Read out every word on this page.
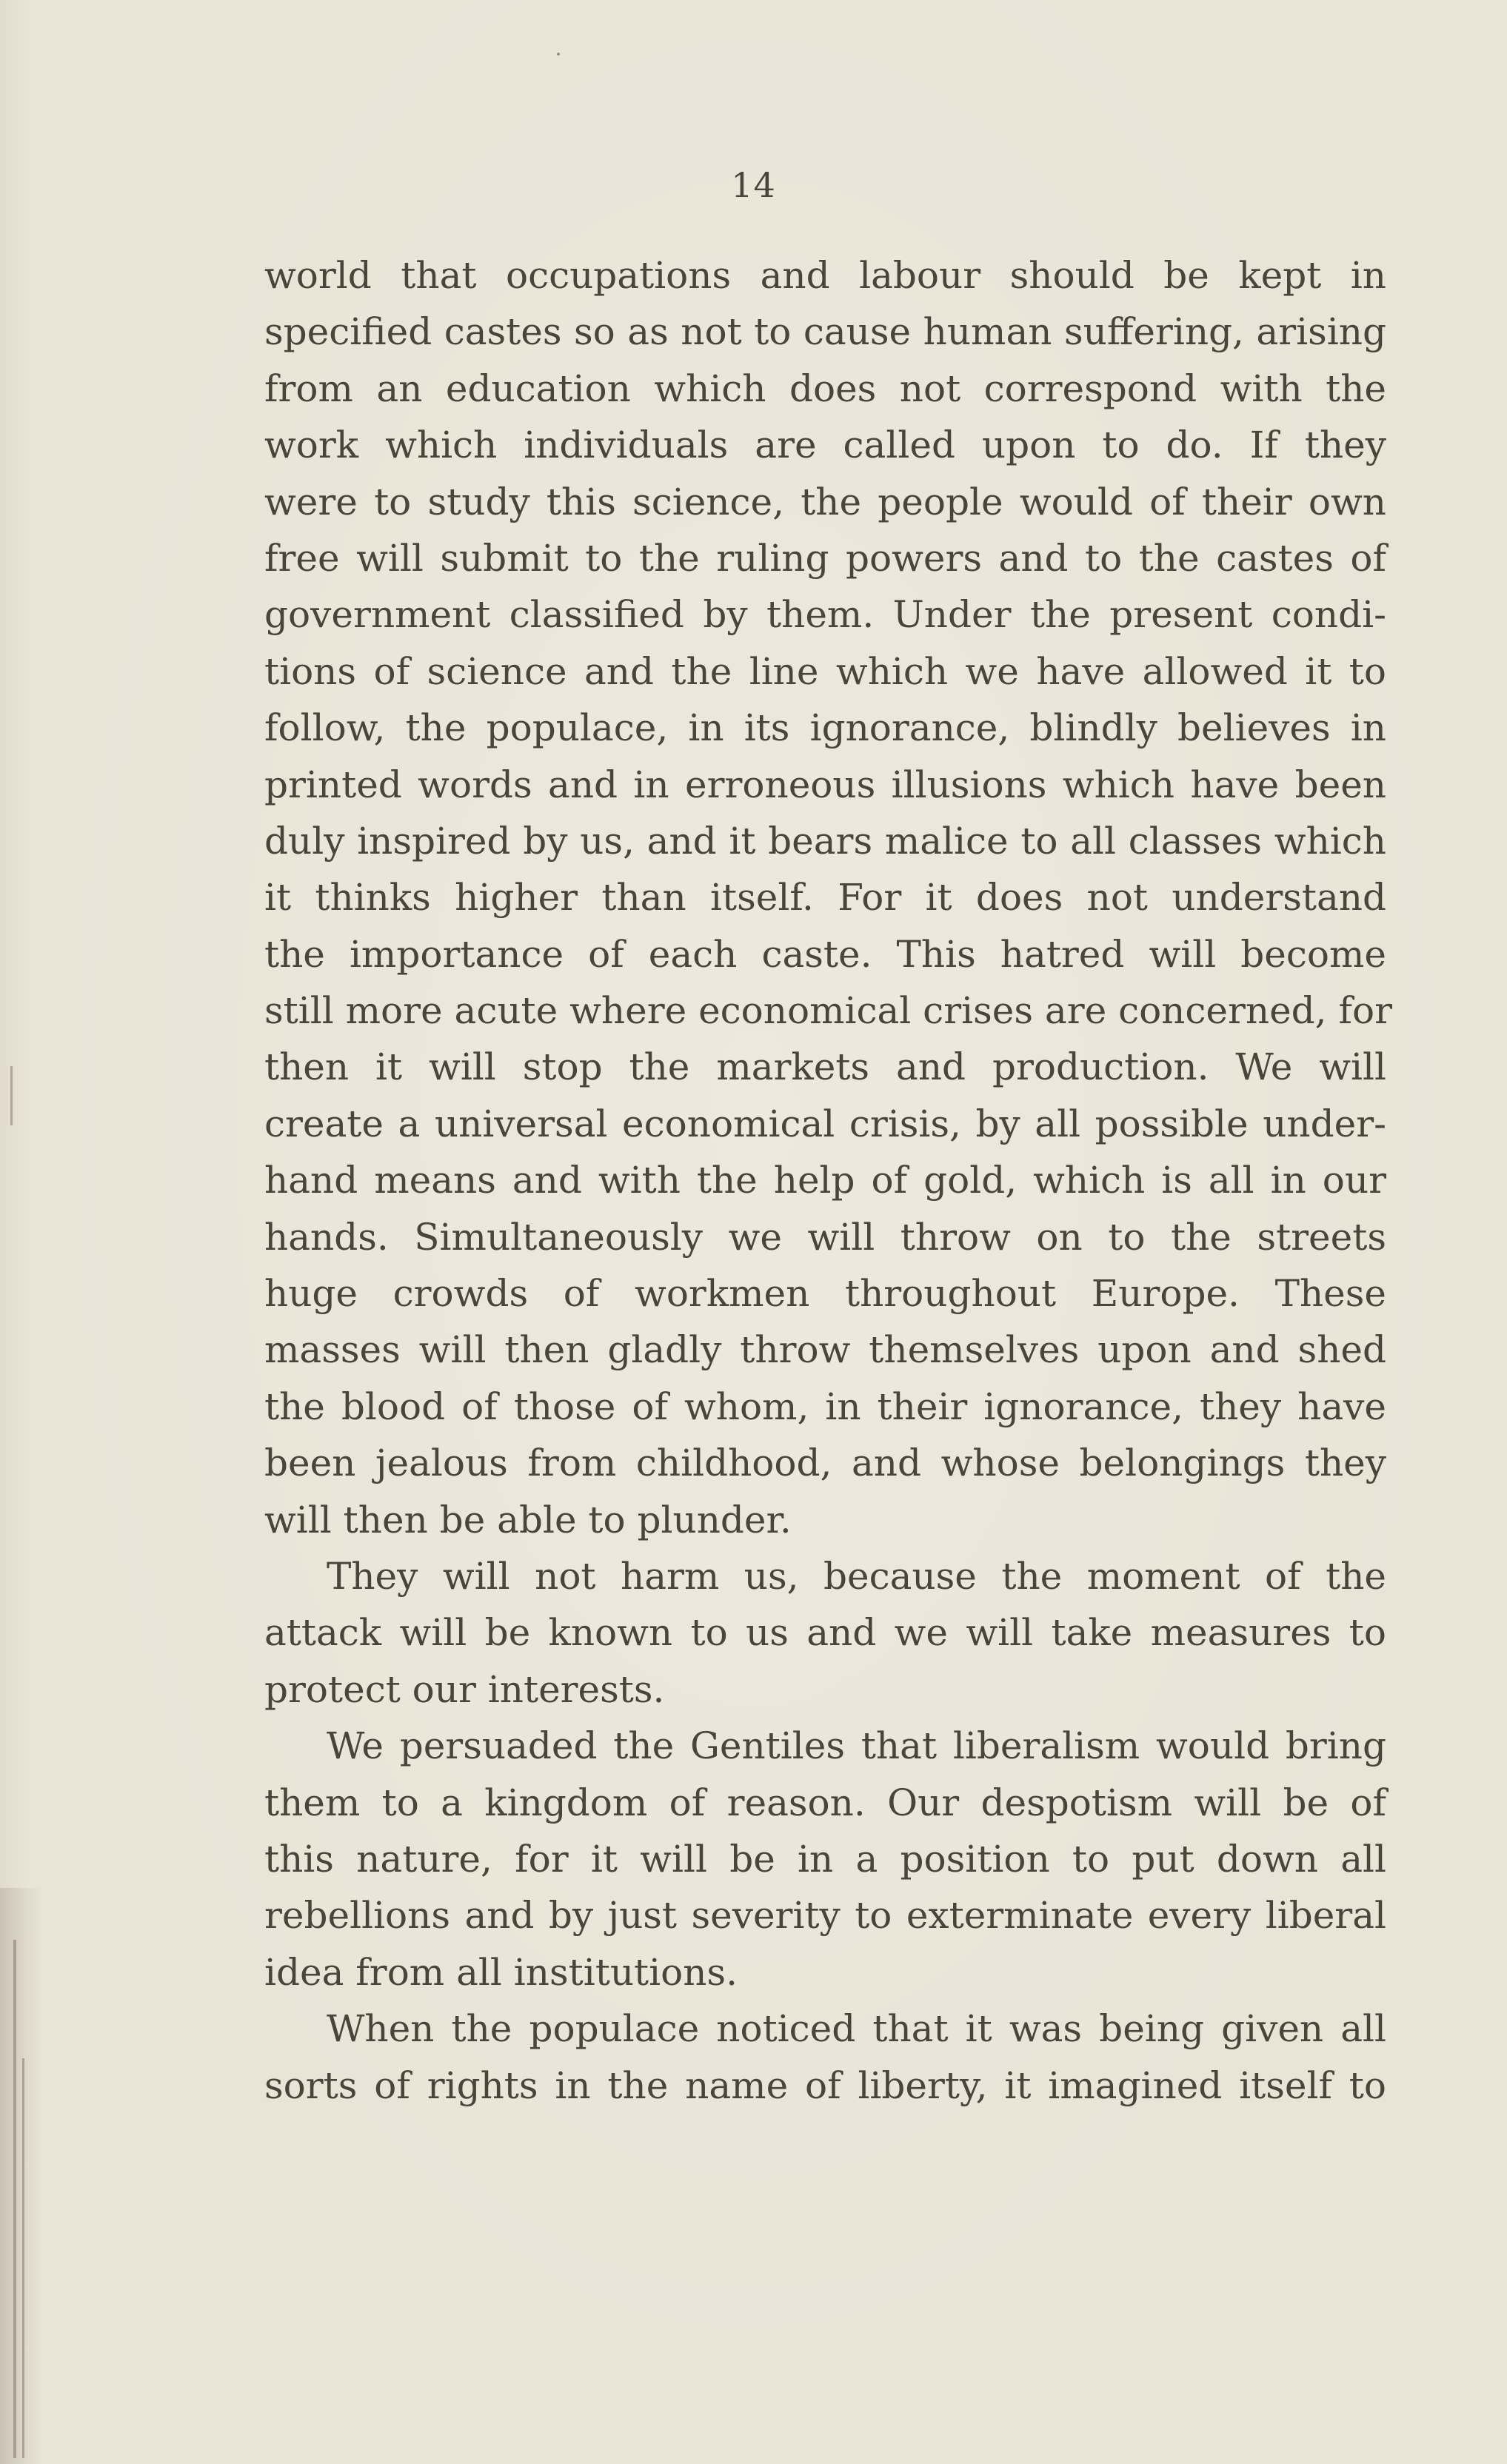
14
world that occupations and labour should be kept in
specified castes so as not to cause human suffering, arising
from an education which does not correspond with the
work which individuals are called upon to do. If they
were to study this science, the people would of their own
free will submit to the ruling powers and to the castes of
government classified by them. Under the present condi-
tions of science and the line which we have allowed it to
follow, the populace, in its ignorance, blindly believes in
printed words and in erroneous illusions which have been
duly inspired by us, and it bears malice to all classes which
it thinks higher than itself. For it does not understand
the importance of each caste. This hatred will become
still more acute where economical crises are concerned, for
then it will stop the markets and production. We will
create a universal economical crisis, by all possible under-
hand means and with the help of gold, which is all in our
hands. Simultaneously we will throw on to the streets
huge crowds of workmen throughout Europe. These
masses will then gladly throw themselves upon and shed
the blood of those of whom, in their ignorance, they have
been jealous from childhood, and whose belongings they
will then be able to plunder.
They will not harm us, because the moment of the
attack will be known to us and we will take measures to
protect our interests.
We persuaded the Gentiles that liberalism would bring
them to a kingdom of reason. Our despotism will be of
this nature, for it will be in a position to put down all
rebellions and by just severity to exterminate every liberal
idea from all institutions.
When the populace noticed that it was being given all
sorts of rights in the name of liberty, it imagined itself to
